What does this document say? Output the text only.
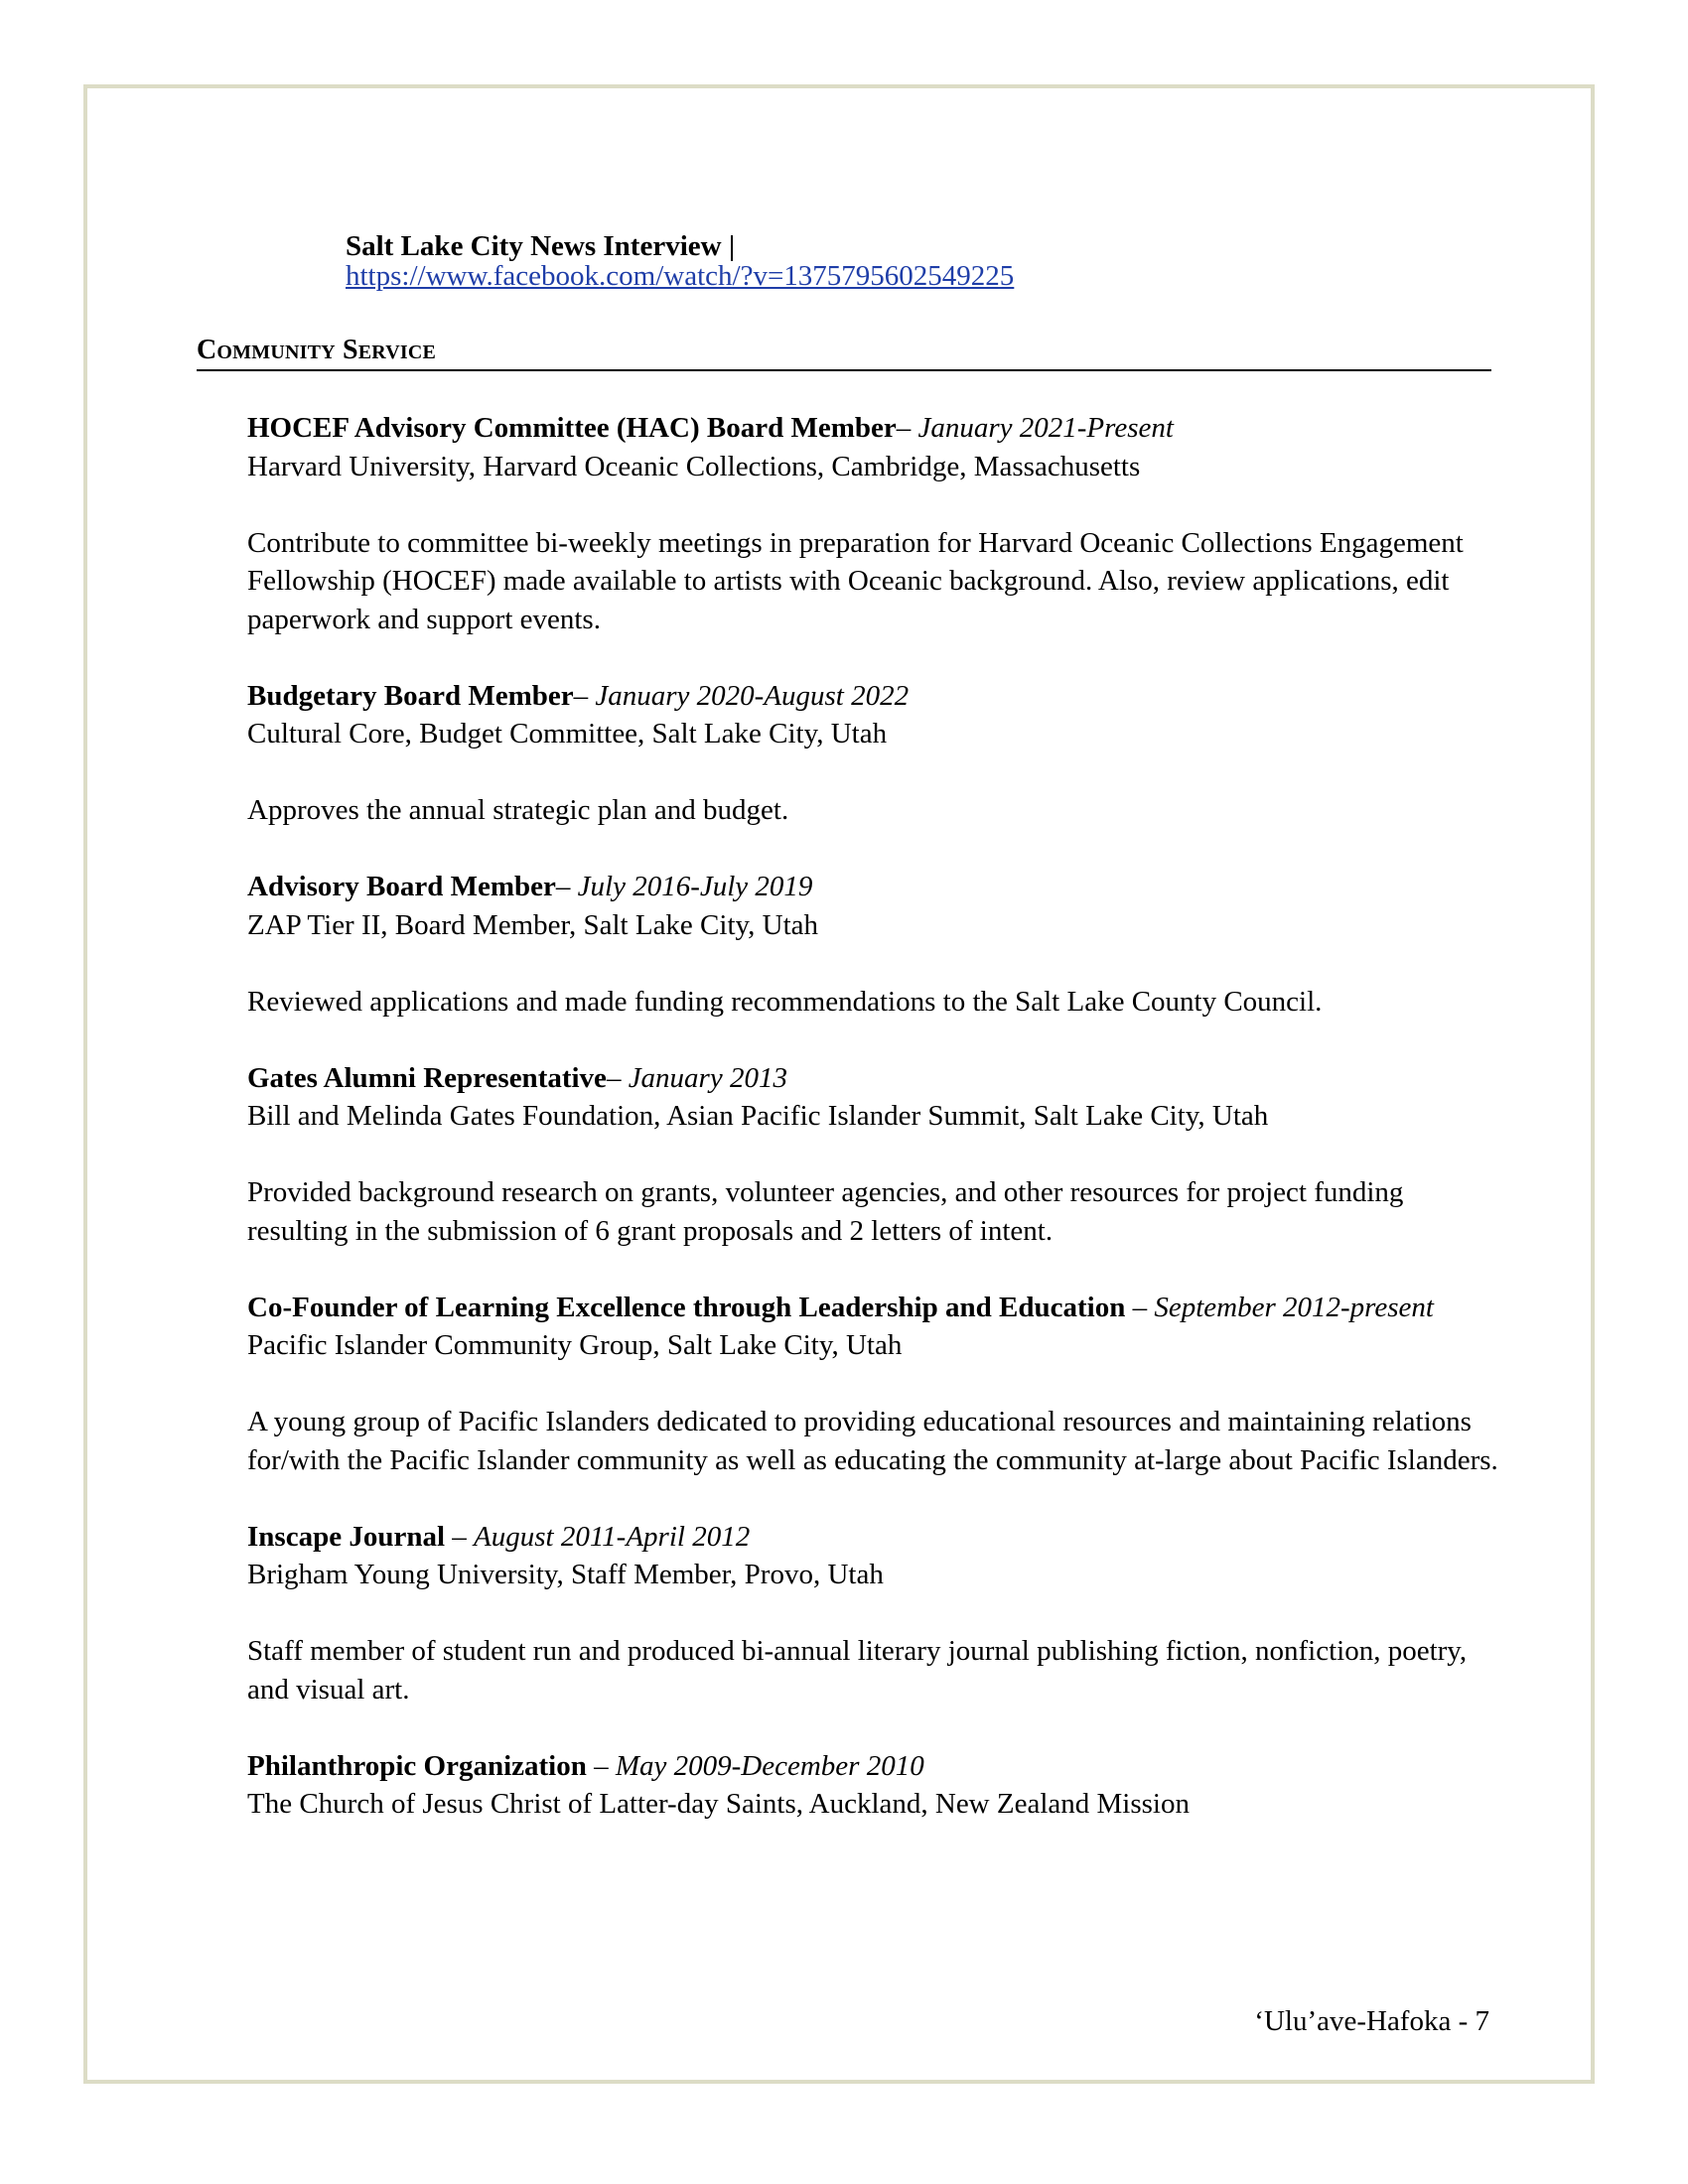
Salt Lake City News Interview |
https://www.facebook.com/watch/?v=1375795602549225
Community Service

HOCEF Advisory Committee (HAC) Board Member– January 2021-Present

Harvard University, Harvard Oceanic Collections, Cambridge, Massachusetts

Contribute to committee bi-weekly meetings in preparation for Harvard Oceanic Collections Engagement Fellowship (HOCEF) made available to artists with Oceanic background. Also, review applications, edit paperwork and support events.

Budgetary Board Member– January 2020-August 2022

Cultural Core, Budget Committee, Salt Lake City, Utah

Approves the annual strategic plan and budget.

Advisory Board Member– July 2016-July 2019

ZAP Tier II, Board Member, Salt Lake City, Utah

Reviewed applications and made funding recommendations to the Salt Lake County Council.

Gates Alumni Representative– January 2013

Bill and Melinda Gates Foundation, Asian Pacific Islander Summit, Salt Lake City, Utah

Provided background research on grants, volunteer agencies, and other resources for project funding resulting in the submission of 6 grant proposals and 2 letters of intent.

Co-Founder of Learning Excellence through Leadership and Education – September 2012-present

Pacific Islander Community Group, Salt Lake City, Utah

A young group of Pacific Islanders dedicated to providing educational resources and maintaining relations for/with the Pacific Islander community as well as educating the community at-large about Pacific Islanders.

Inscape Journal – August 2011-April 2012

Brigham Young University, Staff Member, Provo, Utah

Staff member of student run and produced bi-annual literary journal publishing fiction, nonfiction, poetry, and visual art.

Philanthropic Organization – May 2009-December 2010

The Church of Jesus Christ of Latter-day Saints, Auckland, New Zealand Mission

‘Ulu’ave-Hafoka - 7
